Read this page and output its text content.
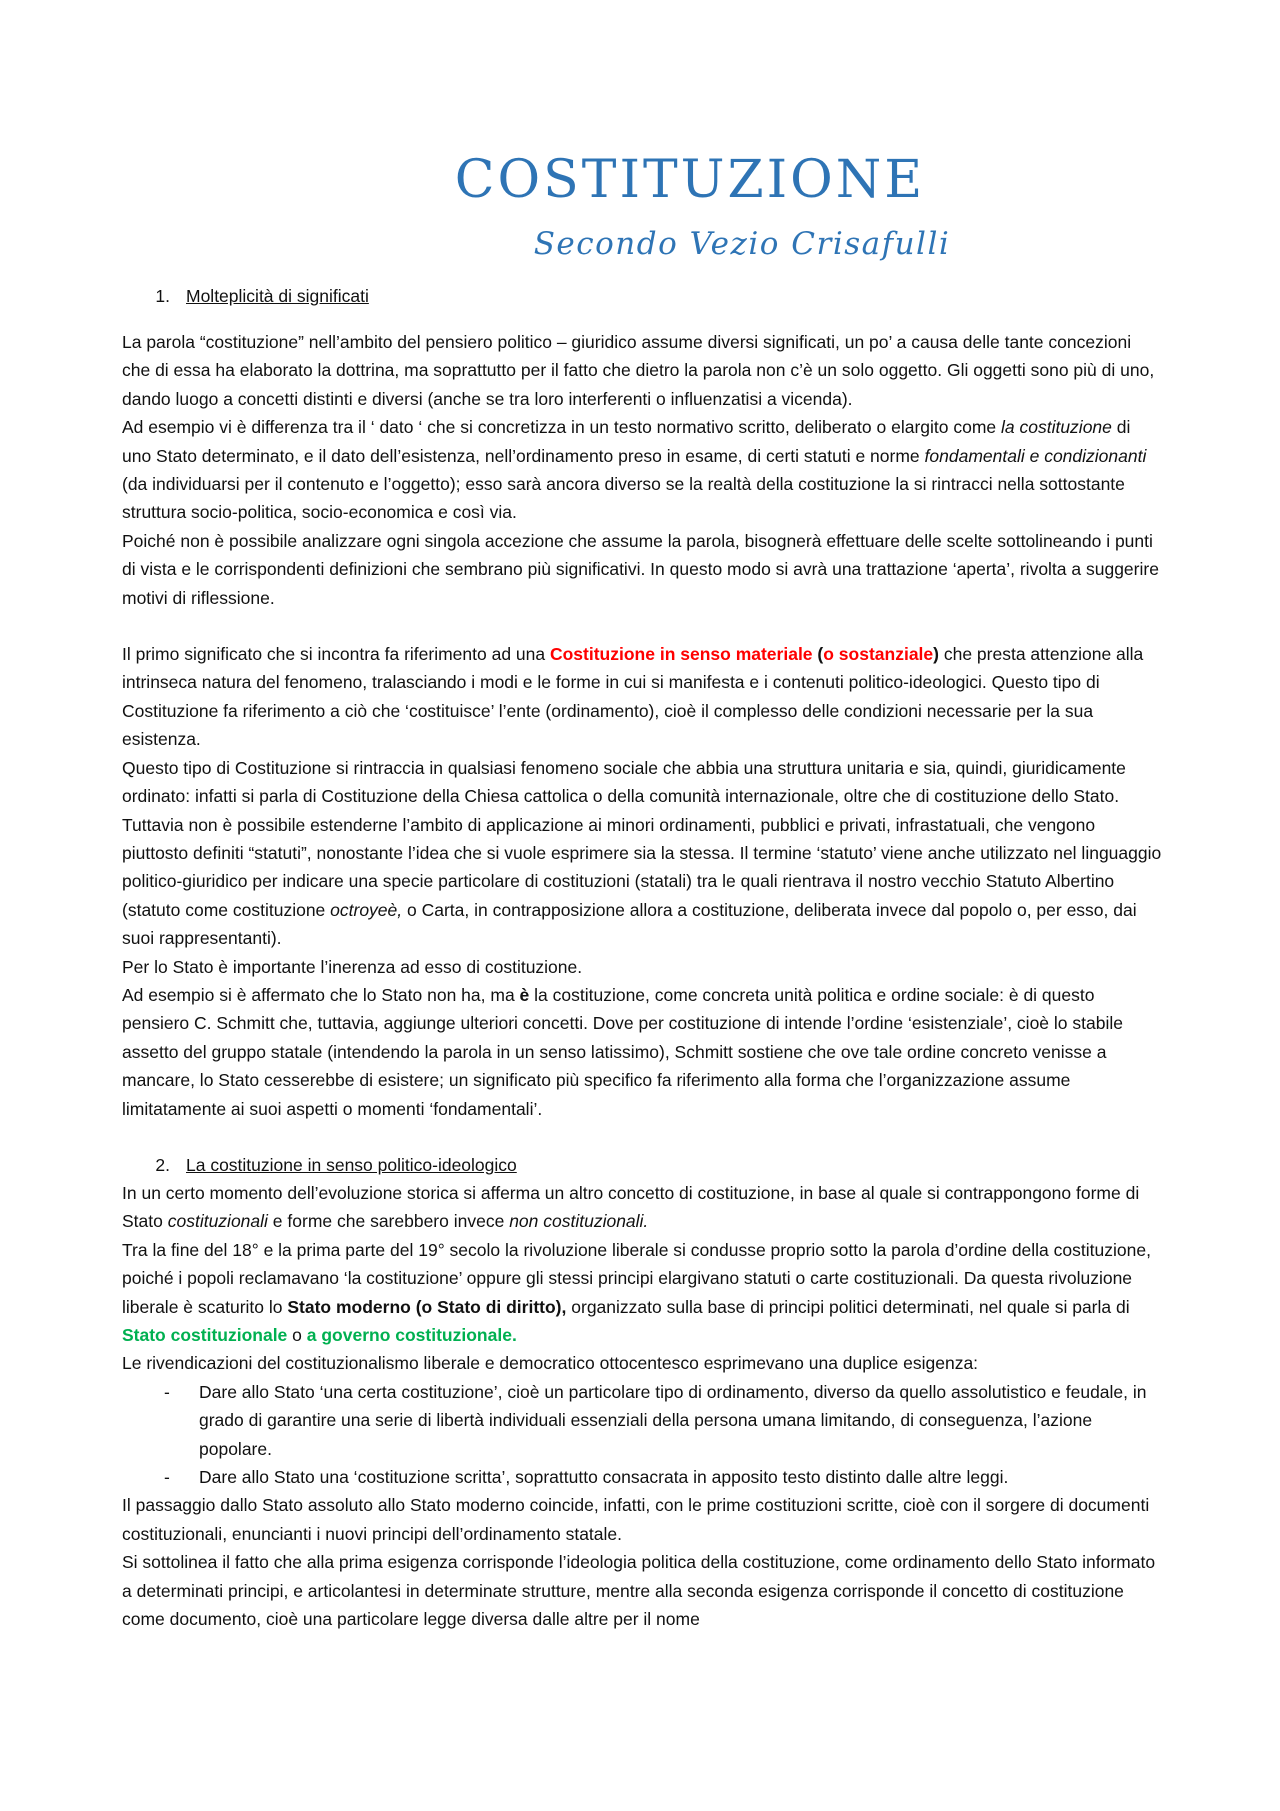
COSTITUZIONE
Secondo Vezio Crisafulli
1. Molteplicità di significati

La parola “costituzione” nell’ambito del pensiero politico – giuridico assume diversi significati, un po’ a causa delle tante concezioni che di essa ha elaborato la dottrina, ma soprattutto per il fatto che dietro la parola non c’è un solo oggetto. Gli oggetti sono più di uno, dando luogo a concetti distinti e diversi (anche se tra loro interferenti o influenzatisi a vicenda).

Ad esempio vi è differenza tra il ‘ dato ‘ che si concretizza in un testo normativo scritto, deliberato o elargito come la costituzione di uno Stato determinato, e il dato dell’esistenza, nell’ordinamento preso in esame, di certi statuti e norme fondamentali e condizionanti (da individuarsi per il contenuto e l’oggetto); esso sarà ancora diverso se la realtà della costituzione la si rintracci nella sottostante struttura socio-politica, socio-economica e così via.

Poiché non è possibile analizzare ogni singola accezione che assume la parola, bisognerà effettuare delle scelte sottolineando i punti di vista e le corrispondenti definizioni che sembrano più significativi. In questo modo si avrà una trattazione ‘aperta’, rivolta a suggerire motivi di riflessione.

Il primo significato che si incontra fa riferimento ad una Costituzione in senso materiale (o sostanziale) che presta attenzione alla intrinseca natura del fenomeno, tralasciando i modi e le forme in cui si manifesta e i contenuti politico-ideologici. Questo tipo di Costituzione fa riferimento a ciò che ‘costituisce’ l’ente (ordinamento), cioè il complesso delle condizioni necessarie per la sua esistenza.

Questo tipo di Costituzione si rintraccia in qualsiasi fenomeno sociale che abbia una struttura unitaria e sia, quindi, giuridicamente ordinato: infatti si parla di Costituzione della Chiesa cattolica o della comunità internazionale, oltre che di costituzione dello Stato. Tuttavia non è possibile estenderne l’ambito di applicazione ai minori ordinamenti, pubblici e privati, infrastatuali, che vengono piuttosto definiti “statuti”, nonostante l’idea che si vuole esprimere sia la stessa. Il termine ‘statuto’ viene anche utilizzato nel linguaggio politico-giuridico per indicare una specie particolare di costituzioni (statali) tra le quali rientrava il nostro vecchio Statuto Albertino (statuto come costituzione octroyeè, o Carta, in contrapposizione allora a costituzione, deliberata invece dal popolo o, per esso, dai suoi rappresentanti).

Per lo Stato è importante l’inerenza ad esso di costituzione.

Ad esempio si è affermato che lo Stato non ha, ma è la costituzione, come concreta unità politica e ordine sociale: è di questo pensiero C. Schmitt che, tuttavia, aggiunge ulteriori concetti. Dove per costituzione di intende l’ordine ‘esistenziale’, cioè lo stabile assetto del gruppo statale (intendendo la parola in un senso latissimo), Schmitt sostiene che ove tale ordine concreto venisse a mancare, lo Stato cesserebbe di esistere; un significato più specifico fa riferimento alla forma che l’organizzazione assume limitatamente ai suoi aspetti o momenti ‘fondamentali’.

2. La costituzione in senso politico-ideologico

In un certo momento dell’evoluzione storica si afferma un altro concetto di costituzione, in base al quale si contrappongono forme di Stato costituzionali e forme che sarebbero invece non costituzionali.

Tra la fine del 18° e la prima parte del 19° secolo la rivoluzione liberale si condusse proprio sotto la parola d’ordine della costituzione, poiché i popoli reclamavano ‘la costituzione’ oppure gli stessi principi elargivano statuti o carte costituzionali. Da questa rivoluzione liberale è scaturito lo Stato moderno (o Stato di diritto), organizzato sulla base di principi politici determinati, nel quale si parla di Stato costituzionale o a governo costituzionale.

Le rivendicazioni del costituzionalismo liberale e democratico ottocentesco esprimevano una duplice esigenza:

- Dare allo Stato ‘una certa costituzione’, cioè un particolare tipo di ordinamento, diverso da quello assolutistico e feudale, in grado di garantire una serie di libertà individuali essenziali della persona umana limitando, di conseguenza, l’azione popolare.
- Dare allo Stato una ‘costituzione scritta’, soprattutto consacrata in apposito testo distinto dalle altre leggi.

Il passaggio dallo Stato assoluto allo Stato moderno coincide, infatti, con le prime costituzioni scritte, cioè con il sorgere di documenti costituzionali, enuncianti i nuovi principi dell’ordinamento statale.

Si sottolinea il fatto che alla prima esigenza corrisponde l’ideologia politica della costituzione, come ordinamento dello Stato informato a determinati principi, e articolantesi in determinate strutture, mentre alla seconda esigenza corrisponde il concetto di costituzione come documento, cioè una particolare legge diversa dalle altre per il nome
